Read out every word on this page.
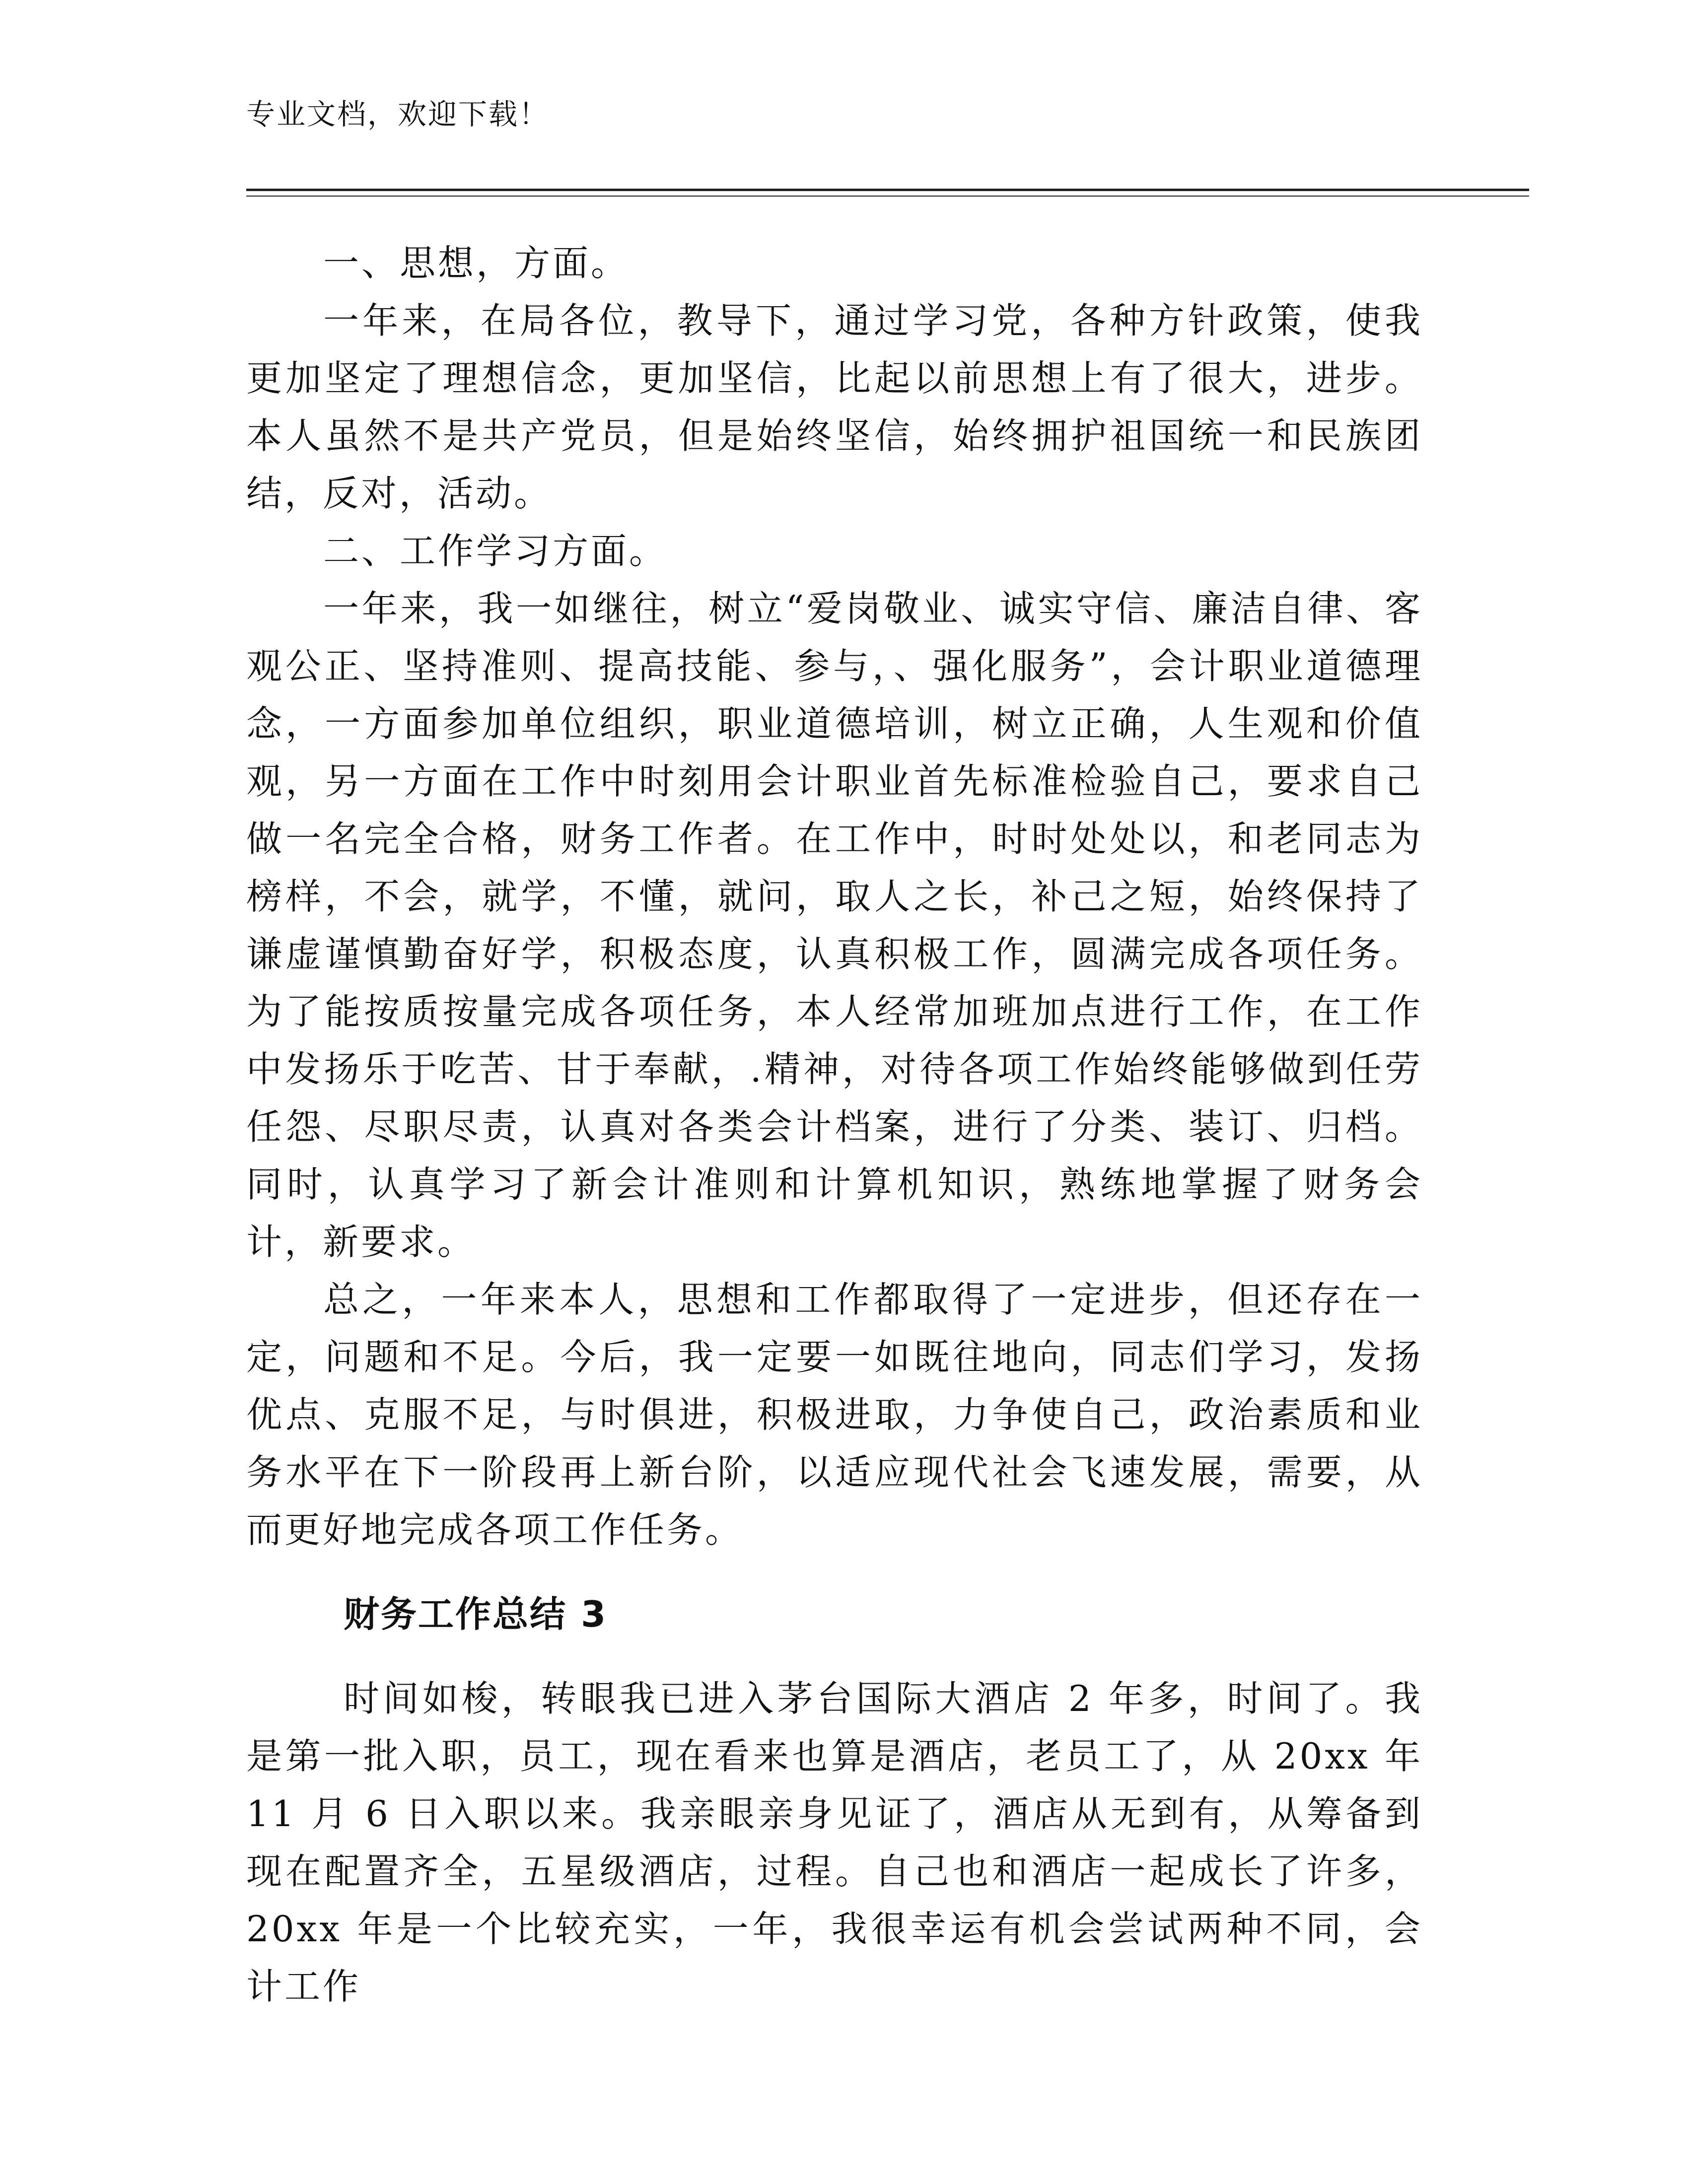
专业文档，欢迎下载！

一、思想，方面。

一年来，在局各位，教导下，通过学习党，各种方针政策，使我更加坚定了理想信念，更加坚信，比起以前思想上有了很大，进步。本人虽然不是共产党员，但是始终坚信，始终拥护祖国统一和民族团结，反对，活动。

二、工作学习方面。

一年来，我一如继往，树立“爱岗敬业、诚实守信、廉洁自律、客观公正、坚持准则、提高技能、参与，、强化服务”，会计职业道德理念，一方面参加单位组织，职业道德培训，树立正确，人生观和价值观，另一方面在工作中时刻用会计职业首先标准检验自己，要求自己做一名完全合格，财务工作者。在工作中，时时处处以，和老同志为榜样，不会，就学，不懂，就问，取人之长，补己之短，始终保持了谦虚谨慎勤奋好学，积极态度，认真积极工作，圆满完成各项任务。为了能按质按量完成各项任务，本人经常加班加点进行工作，在工作中发扬乐于吃苦、甘于奉献，.精神，对待各项工作始终能够做到任劳任怨、尽职尽责，认真对各类会计档案，进行了分类、装订、归档。同时，认真学习了新会计准则和计算机知识，熟练地掌握了财务会计，新要求。

总之，一年来本人，思想和工作都取得了一定进步，但还存在一定，问题和不足。今后，我一定要一如既往地向，同志们学习，发扬优点、克服不足，与时俱进，积极进取，力争使自己，政治素质和业务水平在下一阶段再上新台阶，以适应现代社会飞速发展，需要，从而更好地完成各项工作任务。

财务工作总结 3

时间如梭，转眼我已进入茅台国际大酒店 2 年多，时间了。我是第一批入职，员工，现在看来也算是酒店，老员工了，从 20xx 年 11 月 6 日入职以来。我亲眼亲身见证了，酒店从无到有，从筹备到现在配置齐全，五星级酒店，过程。自己也和酒店一起成长了许多，20xx 年是一个比较充实，一年，我很幸运有机会尝试两种不同，会计工作
